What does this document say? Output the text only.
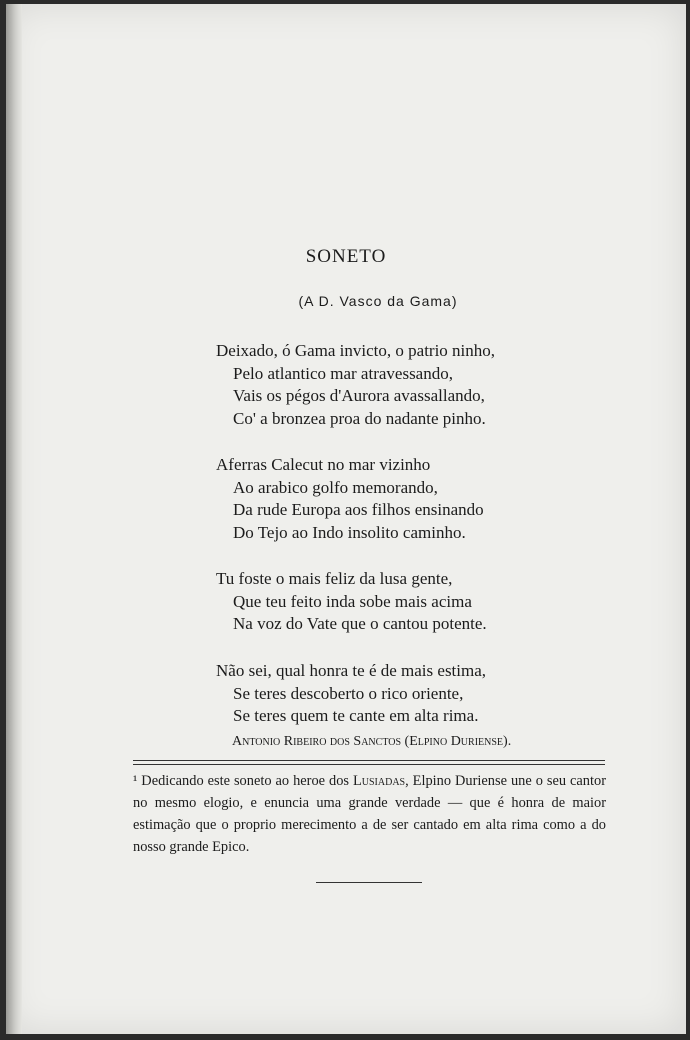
SONETO
(A D. Vasco da Gama)
Deixado, ó Gama invicto, o patrio ninho,
Pelo atlantico mar atravessando,
Vais os pégos d'Aurora avassallando,
Co' a bronzea proa do nadante pinho.
Aferras Calecut no mar vizinho
Ao arabico golfo memorando,
Da rude Europa aos filhos ensinando
Do Tejo ao Indo insolito caminho.
Tu foste o mais feliz da lusa gente,
Que teu feito inda sobe mais acima
Na voz do Vate que o cantou potente.
Não sei, qual honra te é de mais estima,
Se teres descoberto o rico oriente,
Se teres quem te cante em alta rima.
Antonio Ribeiro dos Sanctos (Elpino Duriense).
¹ Dedicando este soneto ao heroe dos Lusiadas, Elpino Duriense une o seu cantor no mesmo elogio, e enuncia uma grande verdade — que é honra de maior estimação que o proprio merecimento a de ser cantado em alta rima como a do nosso grande Epico.
